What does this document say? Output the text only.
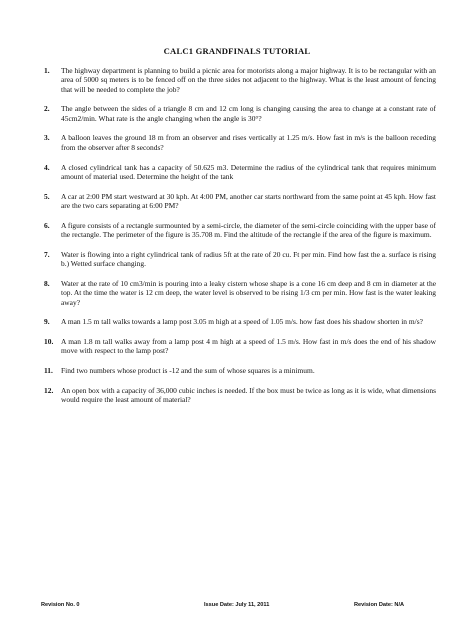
CALC1 GRANDFINALS TUTORIAL
1. The highway department is planning to build a picnic area for motorists along a major highway. It is to be rectangular with an area of 5000 sq meters is to be fenced off on the three sides not adjacent to the highway. What is the least amount of fencing that will be needed to complete the job?
2. The angle between the sides of a triangle 8 cm and 12 cm long is changing causing the area to change at a constant rate of 45cm2/min. What rate is the angle changing when the angle is 30°?
3. A balloon leaves the ground 18 m from an observer and rises vertically at 1.25 m/s. How fast in m/s is the balloon receding from the observer after 8 seconds?
4. A closed cylindrical tank has a capacity of 50.625 m3. Determine the radius of the cylindrical tank that requires minimum amount of material used. Determine the height of the tank
5. A car at 2:00 PM start westward at 30 kph. At 4:00 PM, another car starts northward from the same point at 45 kph. How fast are the two cars separating at 6:00 PM?
6. A figure consists of a rectangle surmounted by a semi-circle, the diameter of the semi-circle coinciding with the upper base of the rectangle. The perimeter of the figure is 35.708 m. Find the altitude of the rectangle if the area of the figure is maximum.
7. Water is flowing into a right cylindrical tank of radius 5ft at the rate of 20 cu. Ft per min. Find how fast the a. surface is rising b.) Wetted surface changing.
8. Water at the rate of 10 cm3/min is pouring into a leaky cistern whose shape is a cone 16 cm deep and 8 cm in diameter at the top. At the time the water is 12 cm deep, the water level is observed to be rising 1/3 cm per min. How fast is the water leaking away?
9. A man 1.5 m tall walks towards a lamp post 3.05 m high at a speed of 1.05 m/s. how fast does his shadow shorten in m/s?
10. A man 1.8 m tall walks away from a lamp post 4 m high at a speed of 1.5 m/s. How fast in m/s does the end of his shadow move with respect to the lamp post?
11. Find two numbers whose product is -12 and the sum of whose squares is a minimum.
12. An open box with a capacity of 36,000 cubic inches is needed. If the box must be twice as long as it is wide, what dimensions would require the least amount of material?
Revision No. 0	Issue Date: July 11, 2011	Revision Date: N/A
